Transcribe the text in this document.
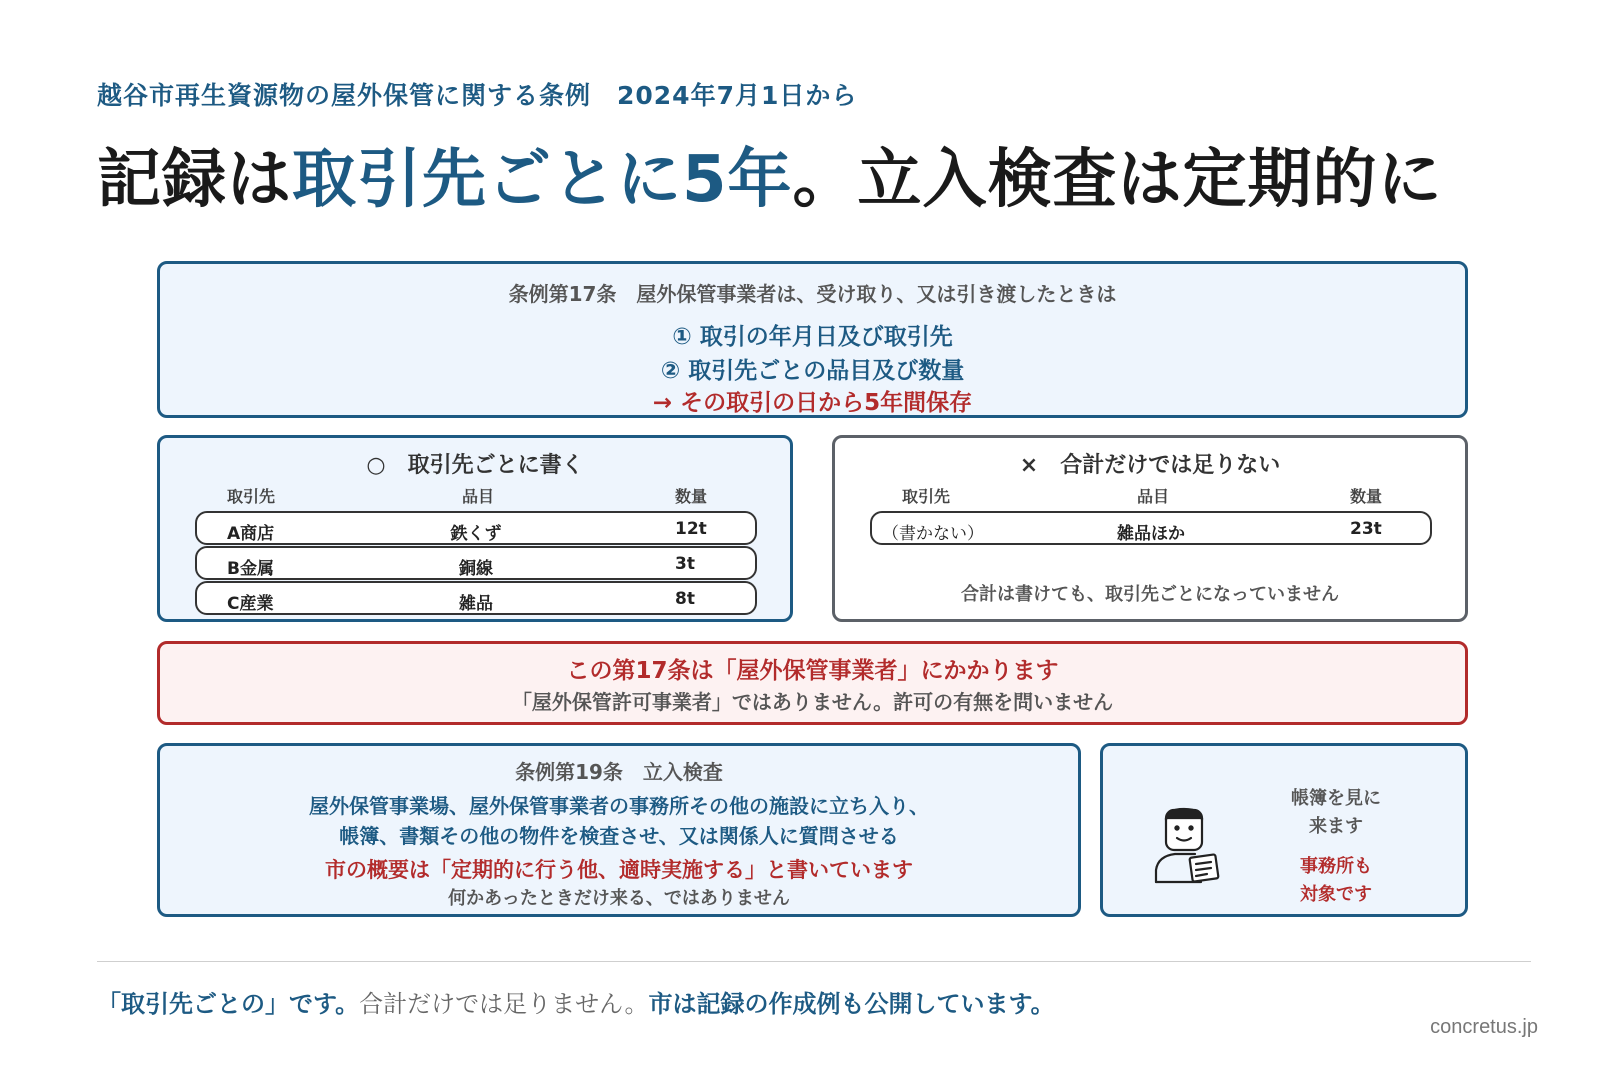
越谷市再生資源物の屋外保管に関する条例　2024年7月1日から
記録は取引先ごとに5年。立入検査は定期的に
条例第17条　屋外保管事業者は、受け取り、又は引き渡したときは
① 取引の年月日及び取引先
② 取引先ごとの品目及び数量
→ その取引の日から5年間保存
○　取引先ごとに書く
取引先	品目	数量
A商店	鉄くず	12t
B金属	銅線	3t
C産業	雑品	8t
×　合計だけでは足りない
取引先	品目	数量
（書かない）	雑品ほか	23t
合計は書けても、取引先ごとになっていません
この第17条は「屋外保管事業者」にかかります
「屋外保管許可事業者」ではありません。許可の有無を問いません
条例第19条　立入検査
屋外保管事業場、屋外保管事業者の事務所その他の施設に立ち入り、
帳簿、書類その他の物件を検査させ、又は関係人に質問させる
市の概要は「定期的に行う他、適時実施する」と書いています
何かあったときだけ来る、ではありません
帳簿を見に
来ます
事務所も
対象です
「取引先ごとの」です。合計だけでは足りません。市は記録の作成例も公開しています。
concretus.jp
